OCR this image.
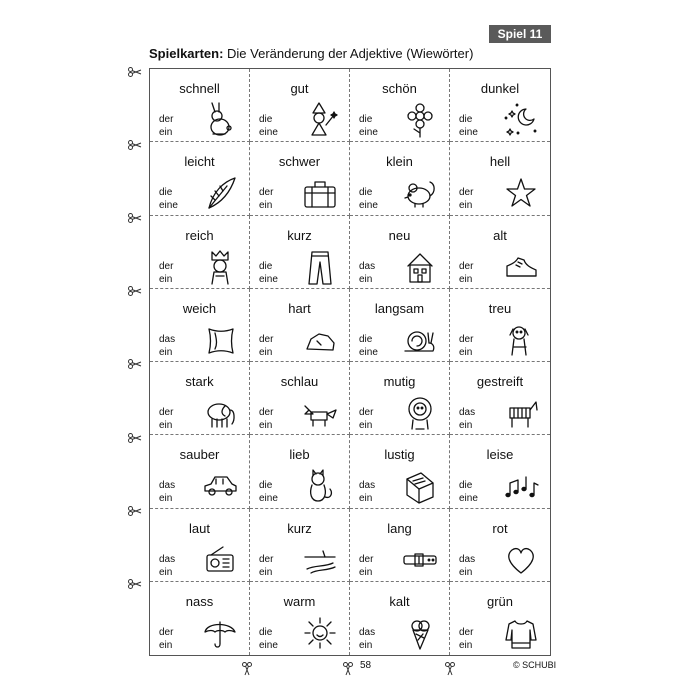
Spiel 11
Spielkarten: Die Veränderung der Adjektive (Wiewörter)
schnell
der
ein
gut
die
eine
schön
die
eine
dunkel
die
eine
leicht
die
eine
schwer
der
ein
klein
die
eine
hell
der
ein
reich
der
ein
kurz
die
eine
neu
das
ein
alt
der
ein
weich
das
ein
hart
der
ein
langsam
die
eine
treu
der
ein
stark
der
ein
schlau
der
ein
mutig
der
ein
gestreift
das
ein
sauber
das
ein
lieb
die
eine
lustig
das
ein
leise
die
eine
laut
das
ein
kurz
der
ein
lang
der
ein
rot
das
ein
nass
der
ein
warm
die
eine
kalt
das
ein
grün
der
ein
58	© SCHUBI
